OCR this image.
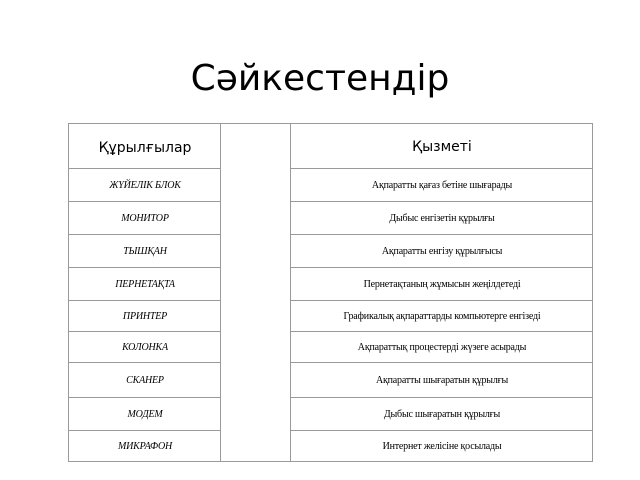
Сәйкестендір
Құрылғылар	Қызметі
ЖҮЙЕЛІК БЛОК
МОНИТОР
ТЫШҚАН
ПЕРНЕТАҚТА
ПРИНТЕР
КОЛОНКА
СКАНЕР
МОДЕМ
МИКРАФОН
Ақпаратты қағаз бетіне шығарады
Дыбыс енгізетін құрылғы
Ақпаратты енгізу құрылғысы
Пернетақтаның жұмысын жеңілдетеді
Графикалық ақпараттарды компьютерге енгізеді
Ақпараттық процестерді жүзеге асырады
Ақпаратты шығаратын құрылғы
Дыбыс шығаратын құрылғы
Интернет желісіне қосылады
